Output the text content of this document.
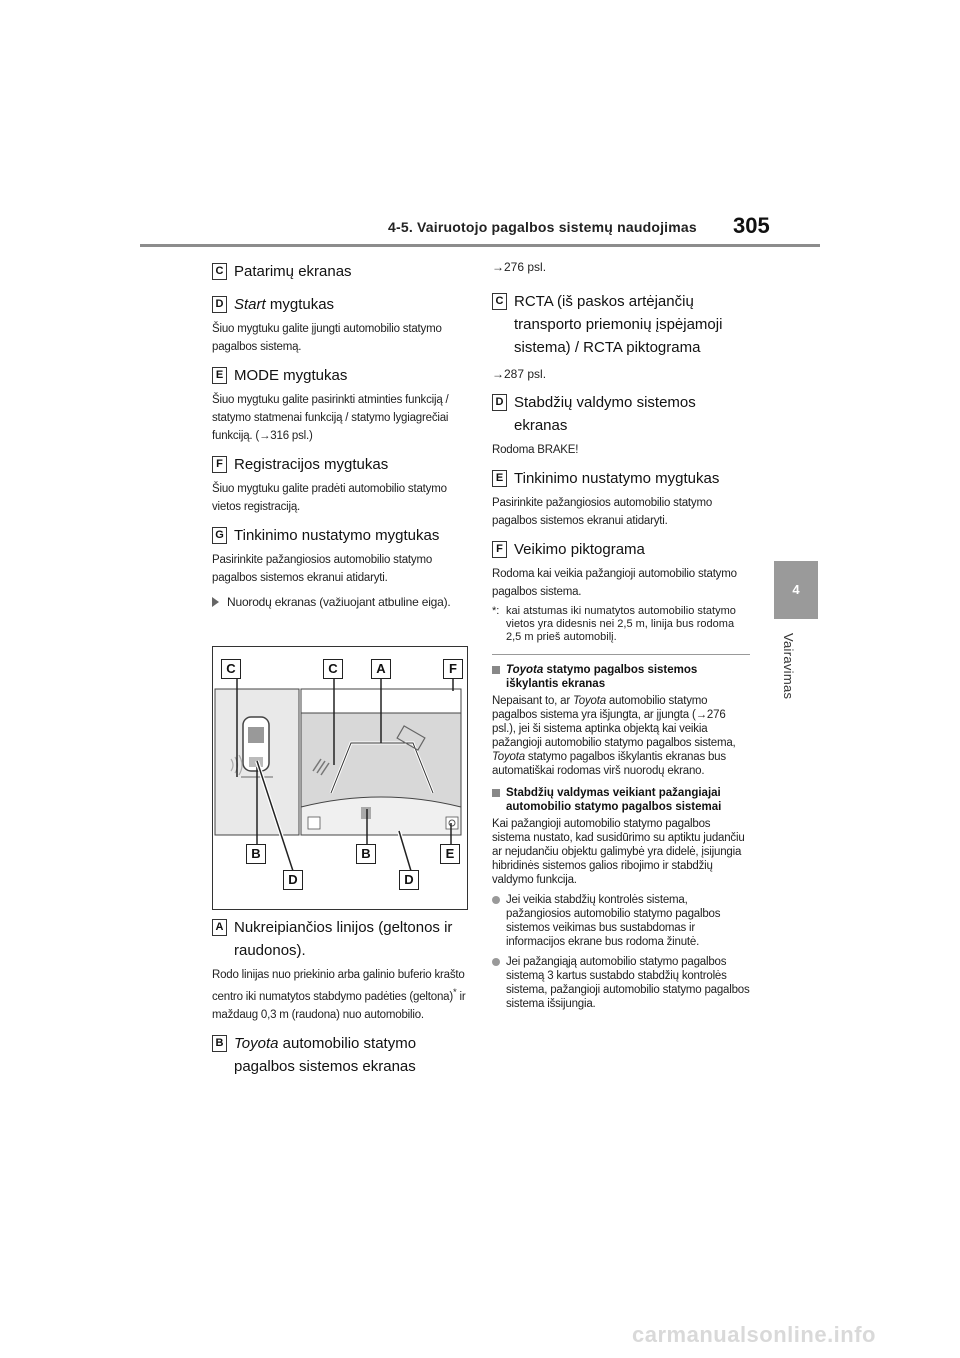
4-5. Vairuotojo pagalbos sistemų naudojimas 305
4
Vairavimas
C Patarimų ekranas
D Start mygtukas
Šiuo mygtuku galite įjungti automobilio statymo pagalbos sistemą.
E MODE mygtukas
Šiuo mygtuku galite pasirinkti atminties funkciją / statymo statmenai funkciją / statymo lygiagrečiai funkciją. (→316 psl.)
F Registracijos mygtukas
Šiuo mygtuku galite pradėti automobilio statymo vietos registraciją.
G Tinkinimo nustatymo mygtukas
Pasirinkite pažangiosios automobilio statymo pagalbos sistemos ekranui atidaryti.
Nuorodų ekranas (važiuojant atbuline eiga).
C	C	A	F
B	B	E
D	D
A Nukreipiančios linijos (geltonos ir raudonos).
Rodo linijas nuo priekinio arba galinio buferio krašto centro iki numatytos stabdymo padėties (geltona)* ir maždaug 0,3 m (raudona) nuo automobilio.
B Toyota automobilio statymo pagalbos sistemos ekranas
→276 psl.
C RCTA (iš paskos artėjančių transporto priemonių įspėjamoji sistema) / RCTA piktograma
→287 psl.
D Stabdžių valdymo sistemos ekranas
Rodoma BRAKE!
E Tinkinimo nustatymo mygtukas
Pasirinkite pažangiosios automobilio statymo pagalbos sistemos ekranui atidaryti.
F Veikimo piktograma
Rodoma kai veikia pažangioji automobilio statymo pagalbos sistema.
*: kai atstumas iki numatytos automobilio statymo vietos yra didesnis nei 2,5 m, linija bus rodoma 2,5 m prieš automobilį.
Toyota statymo pagalbos sistemos iškylantis ekranas
Nepaisant to, ar Toyota automobilio statymo pagalbos sistema yra išjungta, ar įjungta (→276 psl.), jei ši sistema aptinka objektą kai veikia pažangioji automobilio statymo pagalbos sistema, Toyota statymo pagalbos iškylantis ekranas bus automatiškai rodomas virš nuorodų ekrano.
Stabdžių valdymas veikiant pažangiajai automobilio statymo pagalbos sistemai
Kai pažangioji automobilio statymo pagalbos sistema nustato, kad susidūrimo su aptiktu judančiu ar nejudančiu objektu galimybė yra didelė, įsijungia hibridinės sistemos galios ribojimo ir stabdžių valdymo funkcija.
Jei veikia stabdžių kontrolės sistema, pažangiosios automobilio statymo pagalbos sistemos veikimas bus sustabdomas ir informacijos ekrane bus rodoma žinutė.
Jei pažangiąją automobilio statymo pagalbos sistemą 3 kartus sustabdo stabdžių kontrolės sistema, pažangioji automobilio statymo pagalbos sistema išsijungia.
carmanualsonline.info
